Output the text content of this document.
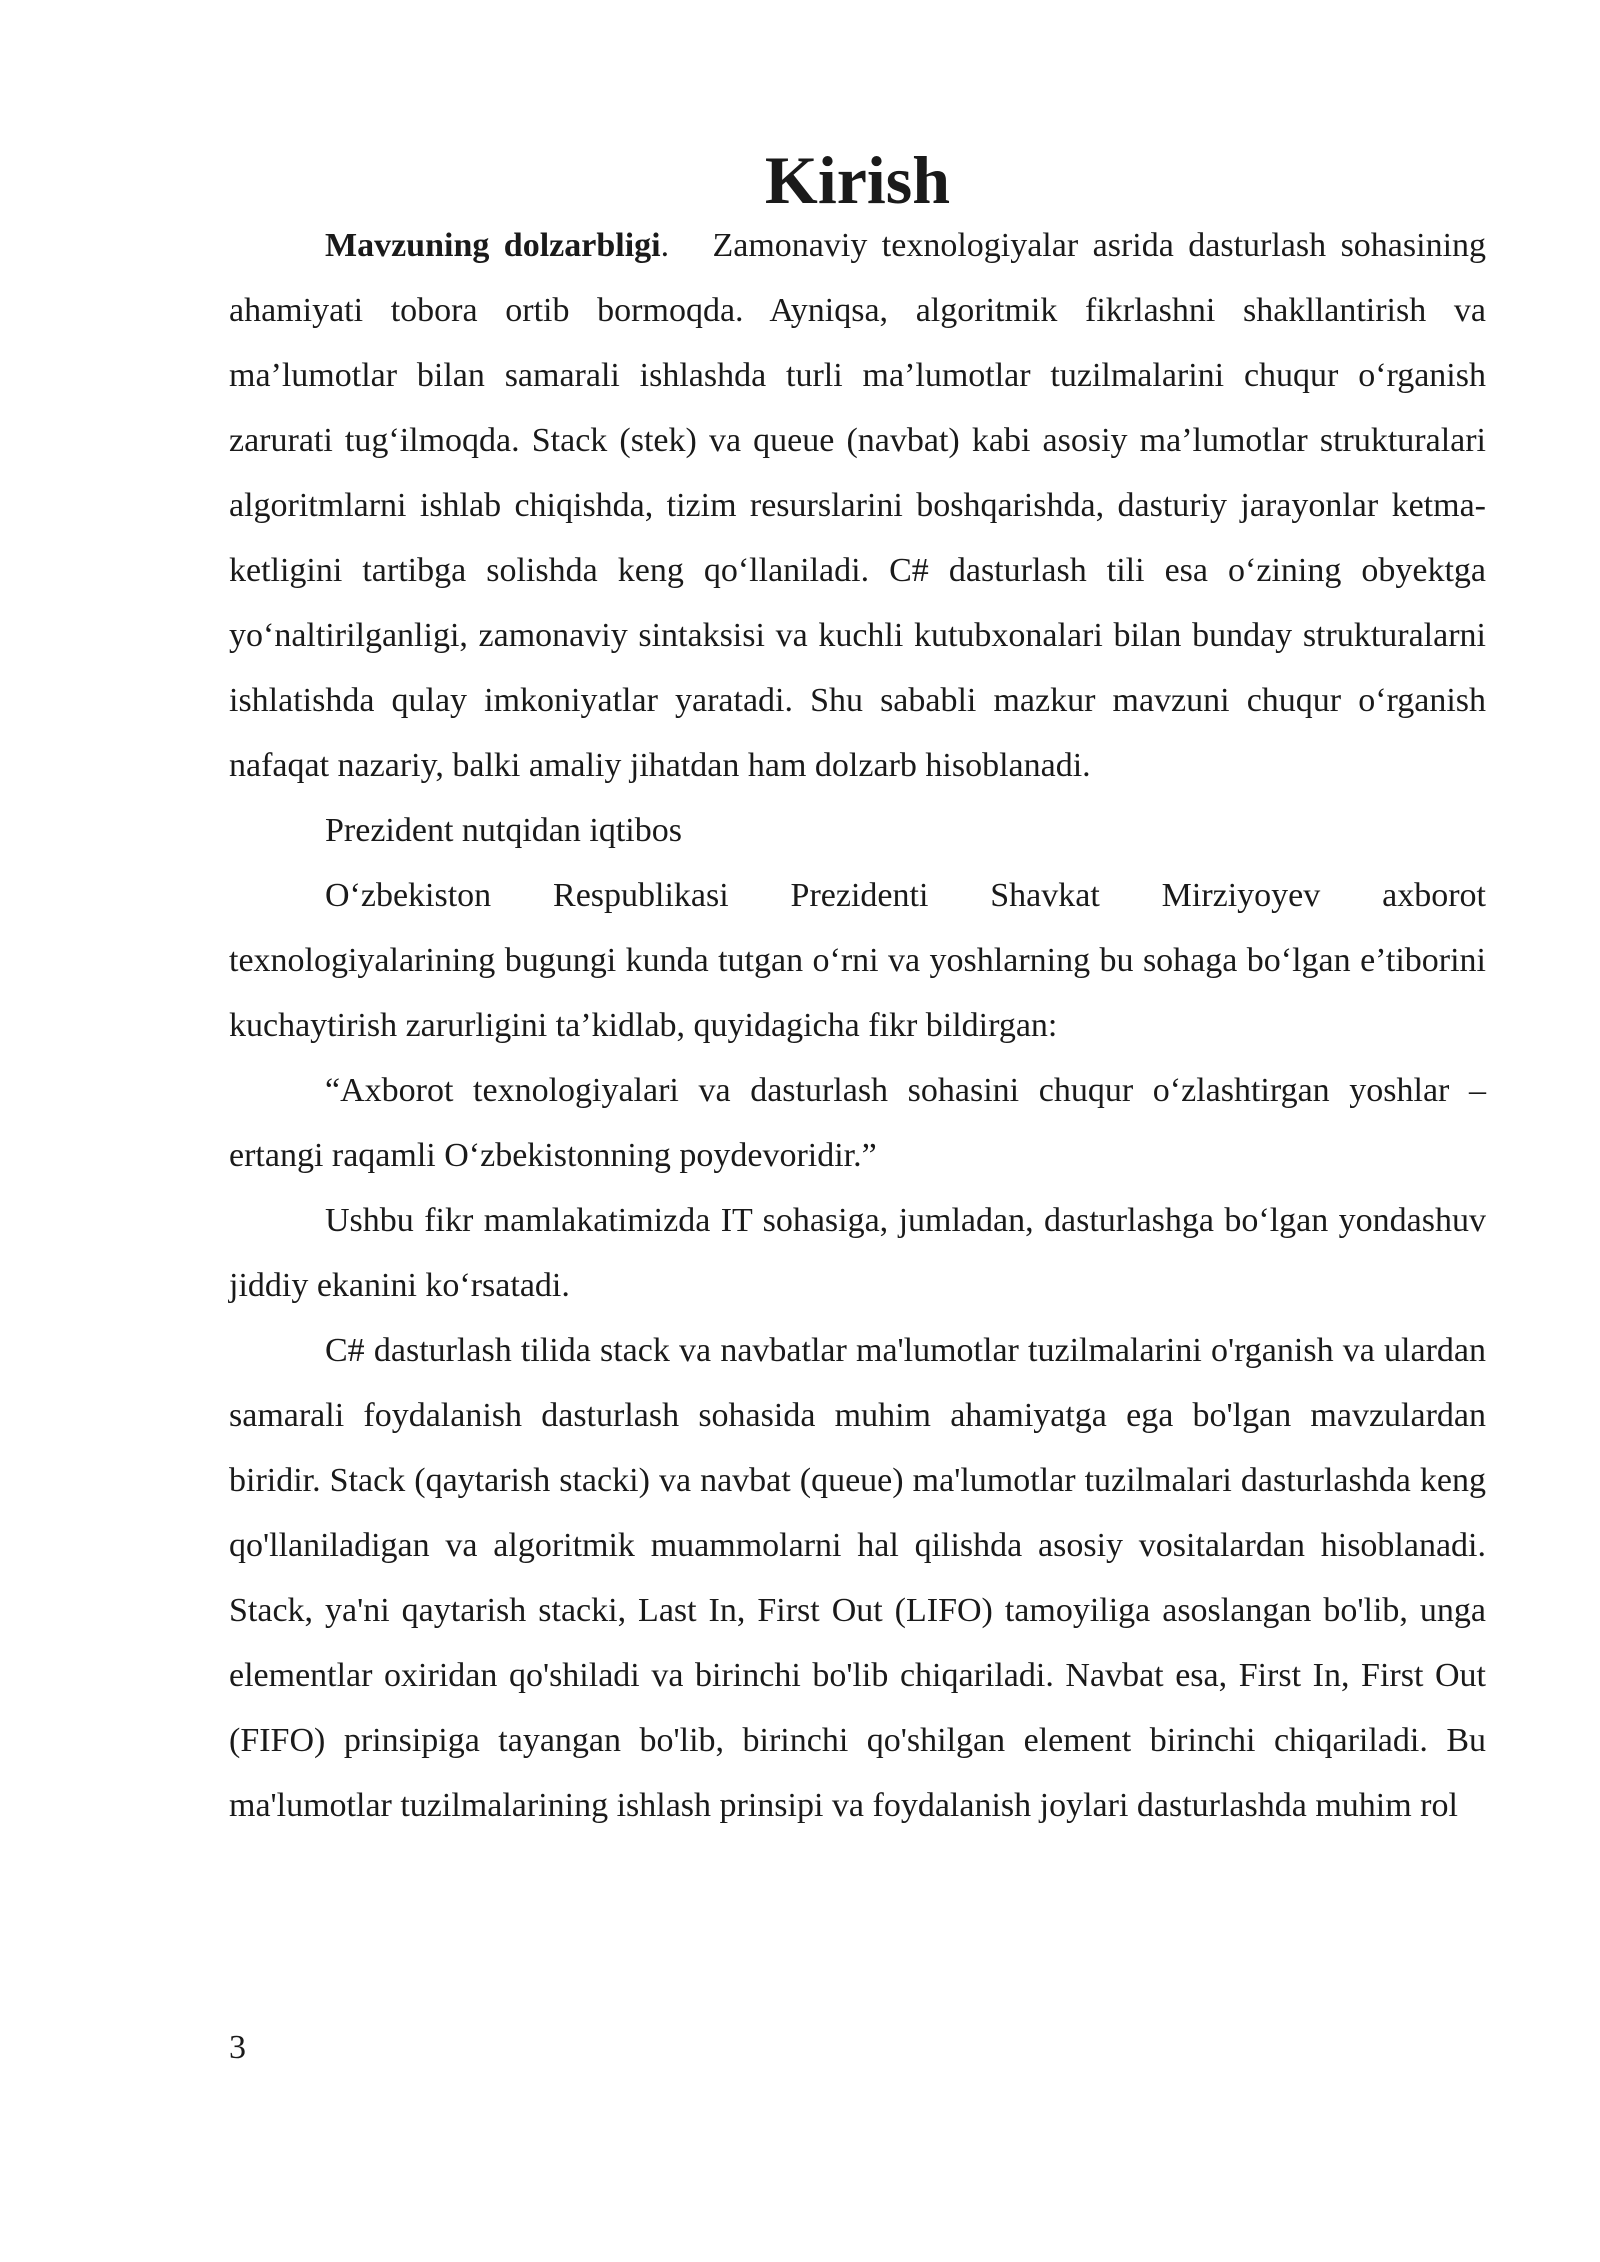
Kirish

Mavzuning dolzarbligi. Zamonaviy texnologiyalar asrida dasturlash sohasining ahamiyati tobora ortib bormoqda. Ayniqsa, algoritmik fikrlashni shakllantirish va ma’lumotlar bilan samarali ishlashda turli ma’lumotlar tuzilmalarini chuqur o‘rganish zarurati tug‘ilmoqda. Stack (stek) va queue (navbat) kabi asosiy ma’lumotlar strukturalari algoritmlarni ishlab chiqishda, tizim resurslarini boshqarishda, dasturiy jarayonlar ketma-ketligini tartibga solishda keng qo‘llaniladi. C# dasturlash tili esa o‘zining obyektga yo‘naltirilganligi, zamonaviy sintaksisi va kuchli kutubxonalari bilan bunday strukturalarni ishlatishda qulay imkoniyatlar yaratadi. Shu sababli mazkur mavzuni chuqur o‘rganish nafaqat nazariy, balki amaliy jihatdan ham dolzarb hisoblanadi.

Prezident nutqidan iqtibos

O‘zbekiston Respublikasi Prezidenti Shavkat Mirziyoyev axborot texnologiyalarining bugungi kunda tutgan o‘rni va yoshlarning bu sohaga bo‘lgan e’tiborini kuchaytirish zarurligini ta’kidlab, quyidagicha fikr bildirgan:

“Axborot texnologiyalari va dasturlash sohasini chuqur o‘zlashtirgan yoshlar – ertangi raqamli O‘zbekistonning poydevoridir.”

Ushbu fikr mamlakatimizda IT sohasiga, jumladan, dasturlashga bo‘lgan yondashuv jiddiy ekanini ko‘rsatadi.

C# dasturlash tilida stack va navbatlar ma'lumotlar tuzilmalarini o'rganish va ulardan samarali foydalanish dasturlash sohasida muhim ahamiyatga ega bo'lgan mavzulardan biridir. Stack (qaytarish stacki) va navbat (queue) ma'lumotlar tuzilmalari dasturlashda keng qo'llaniladigan va algoritmik muammolarni hal qilishda asosiy vositalardan hisoblanadi. Stack, ya'ni qaytarish stacki, Last In, First Out (LIFO) tamoyiliga asoslangan bo'lib, unga elementlar oxiridan qo'shiladi va birinchi bo'lib chiqariladi. Navbat esa, First In, First Out (FIFO) prinsipiga tayangan bo'lib, birinchi qo'shilgan element birinchi chiqariladi. Bu ma'lumotlar tuzilmalarining ishlash prinsipi va foydalanish joylari dasturlashda muhim rol

3
